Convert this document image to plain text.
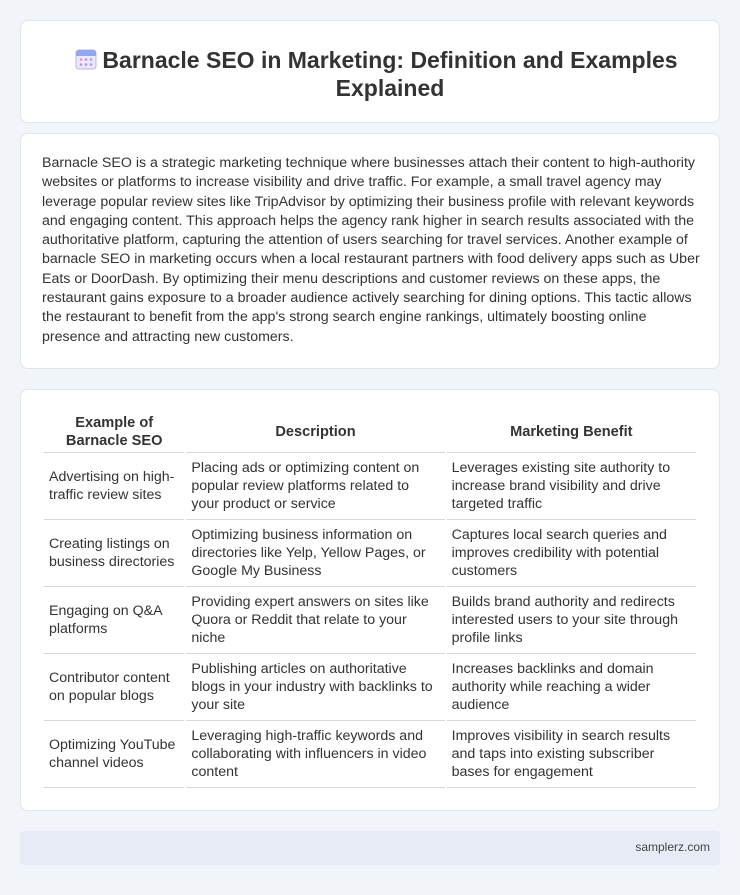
Barnacle SEO in Marketing: Definition and Examples Explained

Barnacle SEO is a strategic marketing technique where businesses attach their content to high-authority websites or platforms to increase visibility and drive traffic. For example, a small travel agency may leverage popular review sites like TripAdvisor by optimizing their business profile with relevant keywords and engaging content. This approach helps the agency rank higher in search results associated with the authoritative platform, capturing the attention of users searching for travel services. Another example of barnacle SEO in marketing occurs when a local restaurant partners with food delivery apps such as Uber Eats or DoorDash. By optimizing their menu descriptions and customer reviews on these apps, the restaurant gains exposure to a broader audience actively searching for dining options. This tactic allows the restaurant to benefit from the app's strong search engine rankings, ultimately boosting online presence and attracting new customers.

Example of Barnacle SEO	Description	Marketing Benefit
Advertising on high-traffic review sites	Placing ads or optimizing content on popular review platforms related to your product or service	Leverages existing site authority to increase brand visibility and drive targeted traffic
Creating listings on business directories	Optimizing business information on directories like Yelp, Yellow Pages, or Google My Business	Captures local search queries and improves credibility with potential customers
Engaging on Q&A platforms	Providing expert answers on sites like Quora or Reddit that relate to your niche	Builds brand authority and redirects interested users to your site through profile links
Contributor content on popular blogs	Publishing articles on authoritative blogs in your industry with backlinks to your site	Increases backlinks and domain authority while reaching a wider audience
Optimizing YouTube channel videos	Leveraging high-traffic keywords and collaborating with influencers in video content	Improves visibility in search results and taps into existing subscriber bases for engagement
samplerz.com
